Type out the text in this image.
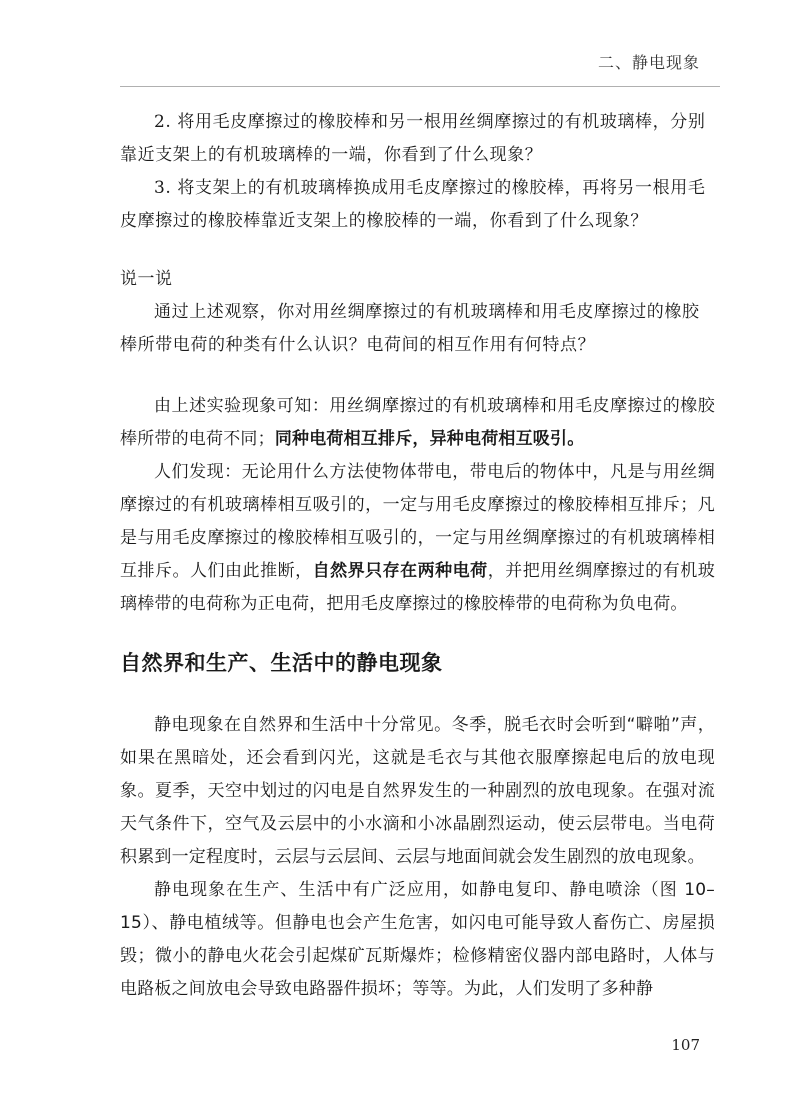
二、静电现象

2. 将用毛皮摩擦过的橡胶棒和另一根用丝绸摩擦过的有机玻璃棒，分别靠近支架上的有机玻璃棒的一端，你看到了什么现象？

3. 将支架上的有机玻璃棒换成用毛皮摩擦过的橡胶棒，再将另一根用毛皮摩擦过的橡胶棒靠近支架上的橡胶棒的一端，你看到了什么现象？

说一说

通过上述观察，你对用丝绸摩擦过的有机玻璃棒和用毛皮摩擦过的橡胶棒所带电荷的种类有什么认识？电荷间的相互作用有何特点？

由上述实验现象可知：用丝绸摩擦过的有机玻璃棒和用毛皮摩擦过的橡胶棒所带的电荷不同；同种电荷相互排斥，异种电荷相互吸引。

人们发现：无论用什么方法使物体带电，带电后的物体中，凡是与用丝绸摩擦过的有机玻璃棒相互吸引的，一定与用毛皮摩擦过的橡胶棒相互排斥；凡是与用毛皮摩擦过的橡胶棒相互吸引的，一定与用丝绸摩擦过的有机玻璃棒相互排斥。人们由此推断，自然界只存在两种电荷，并把用丝绸摩擦过的有机玻璃棒带的电荷称为正电荷，把用毛皮摩擦过的橡胶棒带的电荷称为负电荷。

自然界和生产、生活中的静电现象

静电现象在自然界和生活中十分常见。冬季，脱毛衣时会听到“噼啪”声，如果在黑暗处，还会看到闪光，这就是毛衣与其他衣服摩擦起电后的放电现象。夏季，天空中划过的闪电是自然界发生的一种剧烈的放电现象。在强对流天气条件下，空气及云层中的小水滴和小冰晶剧烈运动，使云层带电。当电荷积累到一定程度时，云层与云层间、云层与地面间就会发生剧烈的放电现象。

静电现象在生产、生活中有广泛应用，如静电复印、静电喷涂（图 10–15）、静电植绒等。但静电也会产生危害，如闪电可能导致人畜伤亡、房屋损毁；微小的静电火花会引起煤矿瓦斯爆炸；检修精密仪器内部电路时，人体与电路板之间放电会导致电路器件损坏；等等。为此，人们发明了多种静

107
